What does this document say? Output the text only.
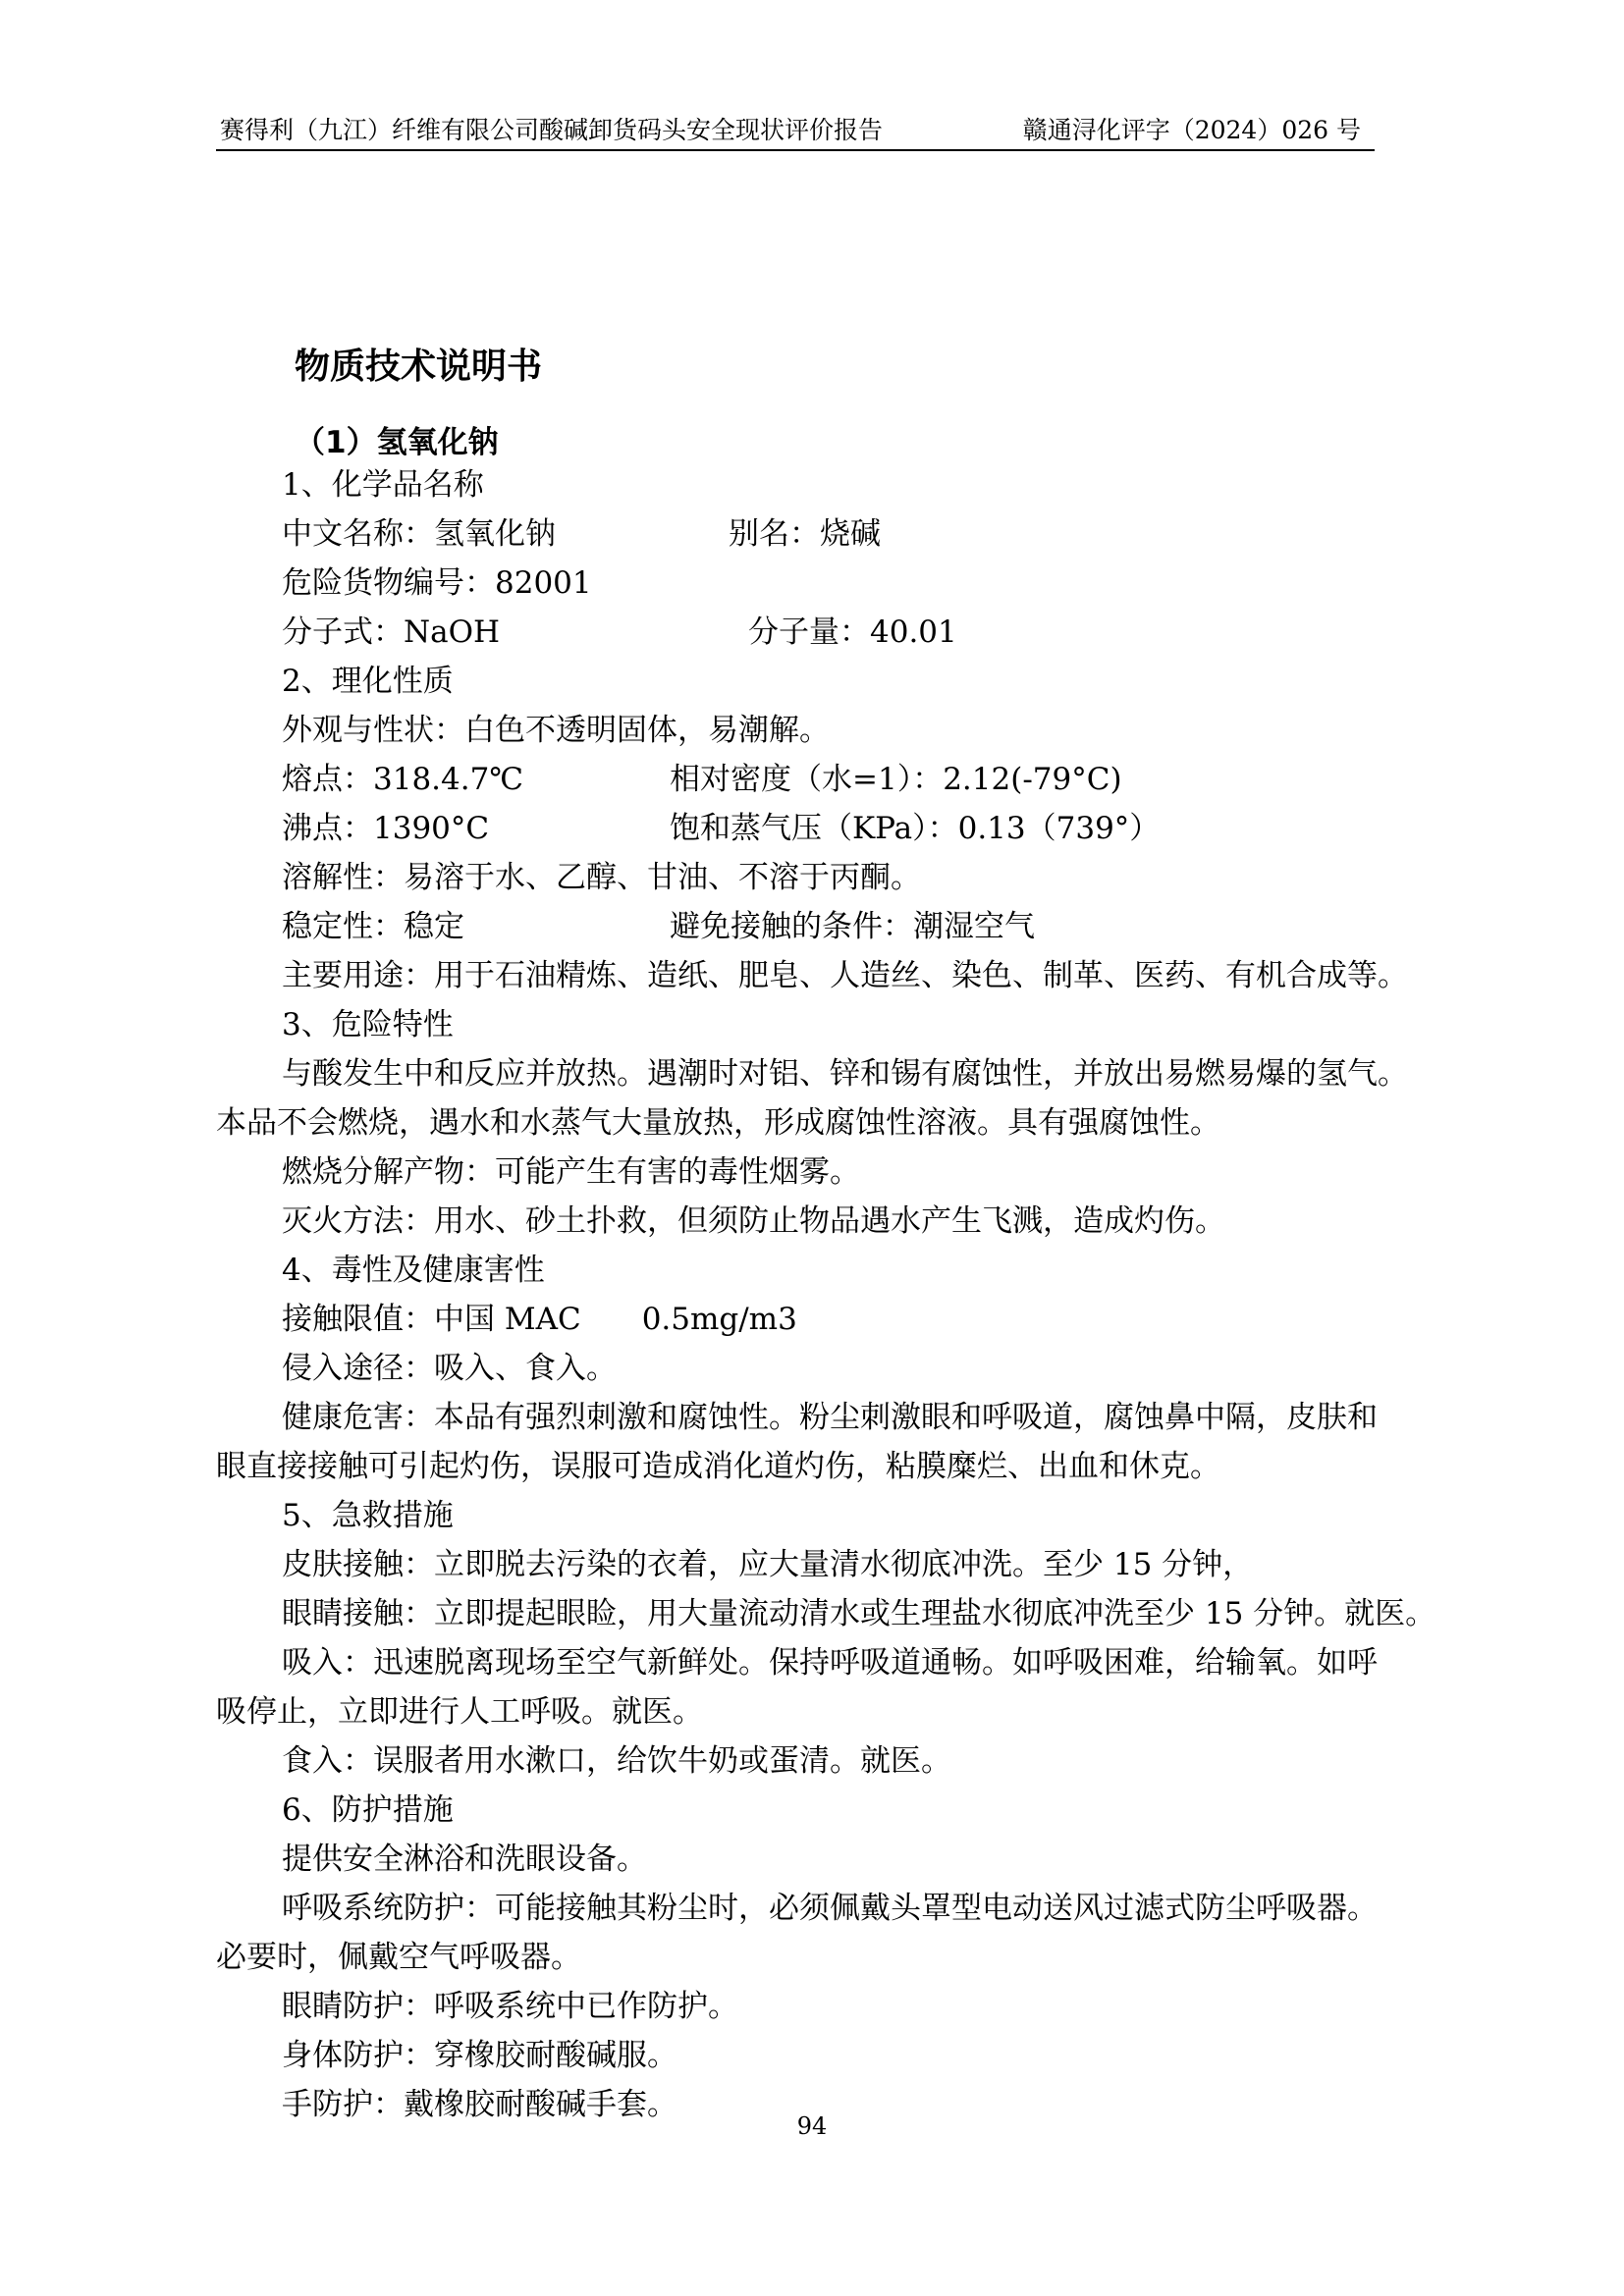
赛得利（九江）纤维有限公司酸碱卸货码头安全现状评价报告	赣通浔化评字（2024）026 号
物质技术说明书
（1）氢氧化钠
1、化学品名称
中文名称：氢氧化钠	别名：烧碱
危险货物编号：82001
分子式：NaOH	分子量：40.01
2、理化性质
外观与性状：白色不透明固体，易潮解。
熔点：318.4.7℃	相对密度（水=1）：2.12(-79°C)
沸点：1390°C	饱和蒸气压（KPa）：0.13（739°）
溶解性：易溶于水、乙醇、甘油、不溶于丙酮。
稳定性：稳定	避免接触的条件：潮湿空气
主要用途：用于石油精炼、造纸、肥皂、人造丝、染色、制革、医药、有机合成等。
3、危险特性
与酸发生中和反应并放热。遇潮时对铝、锌和锡有腐蚀性，并放出易燃易爆的氢气。
本品不会燃烧，遇水和水蒸气大量放热，形成腐蚀性溶液。具有强腐蚀性。
燃烧分解产物：可能产生有害的毒性烟雾。
灭火方法：用水、砂土扑救，但须防止物品遇水产生飞溅，造成灼伤。
4、毒性及健康害性
接触限值：中国 MAC　　0.5mg/m3
侵入途径：吸入、食入。
健康危害：本品有强烈刺激和腐蚀性。粉尘刺激眼和呼吸道，腐蚀鼻中隔，皮肤和
眼直接接触可引起灼伤，误服可造成消化道灼伤，粘膜糜烂、出血和休克。
5、急救措施
皮肤接触：立即脱去污染的衣着，应大量清水彻底冲洗。至少 15 分钟，
眼睛接触：立即提起眼睑，用大量流动清水或生理盐水彻底冲洗至少 15 分钟。就医。
吸入：迅速脱离现场至空气新鲜处。保持呼吸道通畅。如呼吸困难，给输氧。如呼
吸停止，立即进行人工呼吸。就医。
食入：误服者用水漱口，给饮牛奶或蛋清。就医。
6、防护措施
提供安全淋浴和洗眼设备。
呼吸系统防护：可能接触其粉尘时，必须佩戴头罩型电动送风过滤式防尘呼吸器。
必要时，佩戴空气呼吸器。
眼睛防护：呼吸系统中已作防护。
身体防护：穿橡胶耐酸碱服。
手防护：戴橡胶耐酸碱手套。
94
